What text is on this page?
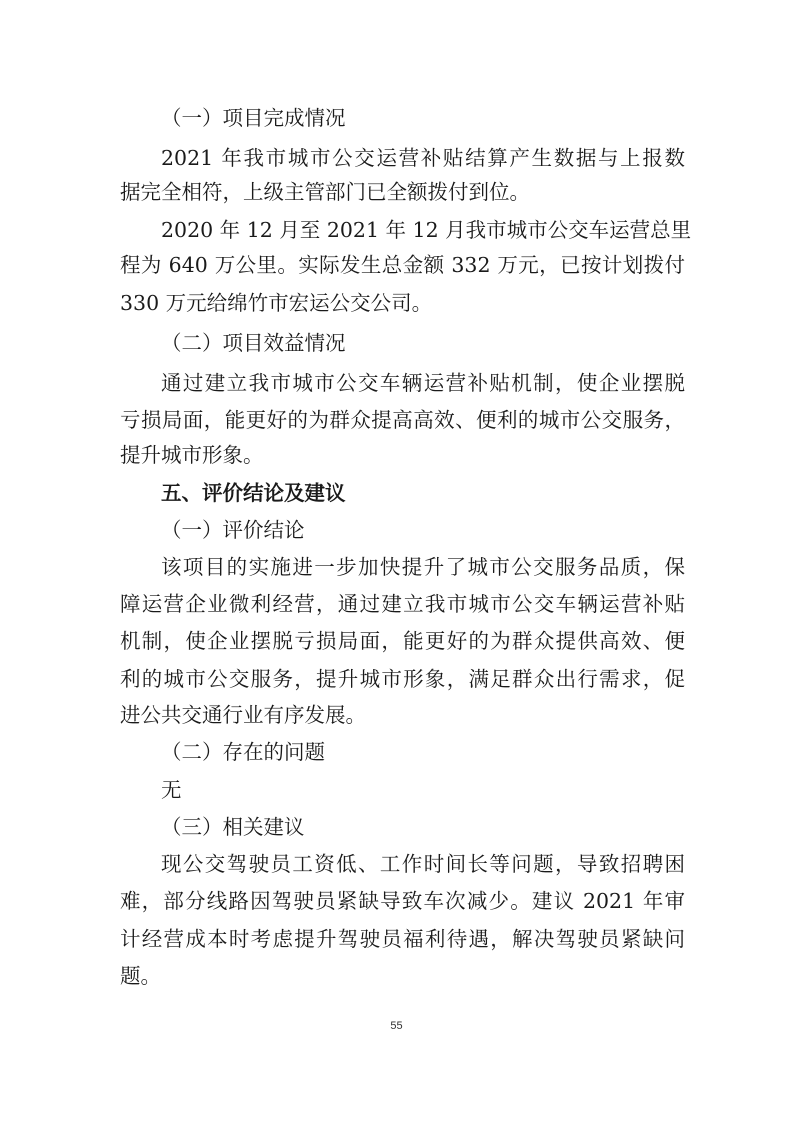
（一）项目完成情况
2021 年我市城市公交运营补贴结算产生数据与上报数
据完全相符，上级主管部门已全额拨付到位。
2020 年 12 月至 2021 年 12 月我市城市公交车运营总里
程为 640 万公里。实际发生总金额 332 万元，已按计划拨付
330 万元给绵竹市宏运公交公司。
（二）项目效益情况
通过建立我市城市公交车辆运营补贴机制，使企业摆脱
亏损局面，能更好的为群众提高高效、便利的城市公交服务，
提升城市形象。
五、评价结论及建议
（一）评价结论
该项目的实施进一步加快提升了城市公交服务品质，保
障运营企业微利经营，通过建立我市城市公交车辆运营补贴
机制，使企业摆脱亏损局面，能更好的为群众提供高效、便
利的城市公交服务，提升城市形象，满足群众出行需求，促
进公共交通行业有序发展。
（二）存在的问题
无
（三）相关建议
现公交驾驶员工资低、工作时间长等问题，导致招聘困
难，部分线路因驾驶员紧缺导致车次减少。建议 2021 年审
计经营成本时考虑提升驾驶员福利待遇，解决驾驶员紧缺问
题。
55
